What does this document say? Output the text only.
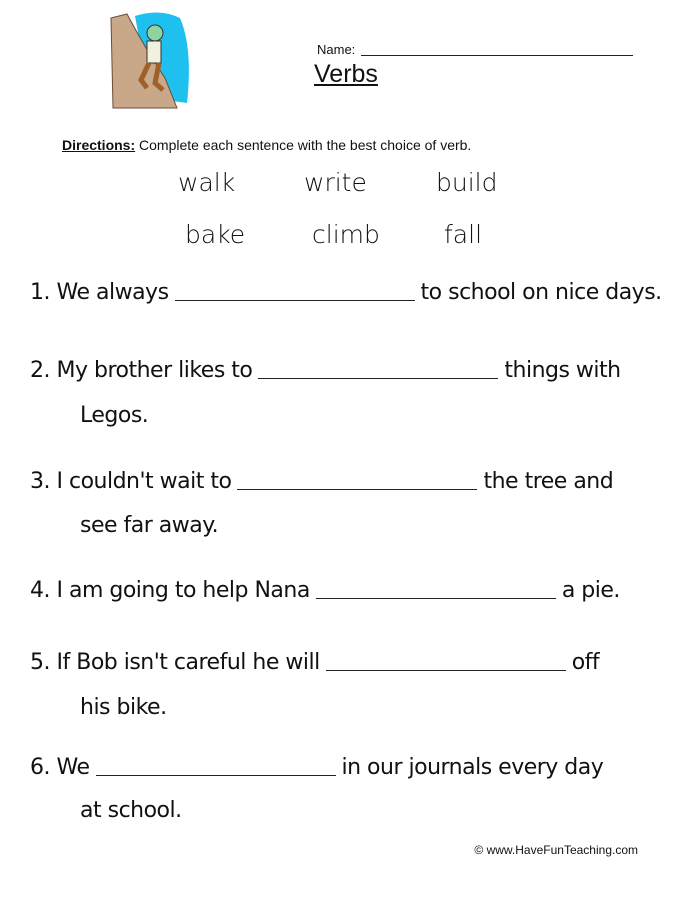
Name:
Verbs
Directions: Complete each sentence with the best choice of verb.
walk	write	build
bake	climb	fall
1. We always	to school on nice days.
2. My brother likes to	things with
Legos.
3. I couldn't wait to	the tree and
see far away.
4. I am going to help Nana	a pie.
5. If Bob isn't careful he will	off
his bike.
6. We	in our journals every day
at school.
© www.HaveFunTeaching.com
